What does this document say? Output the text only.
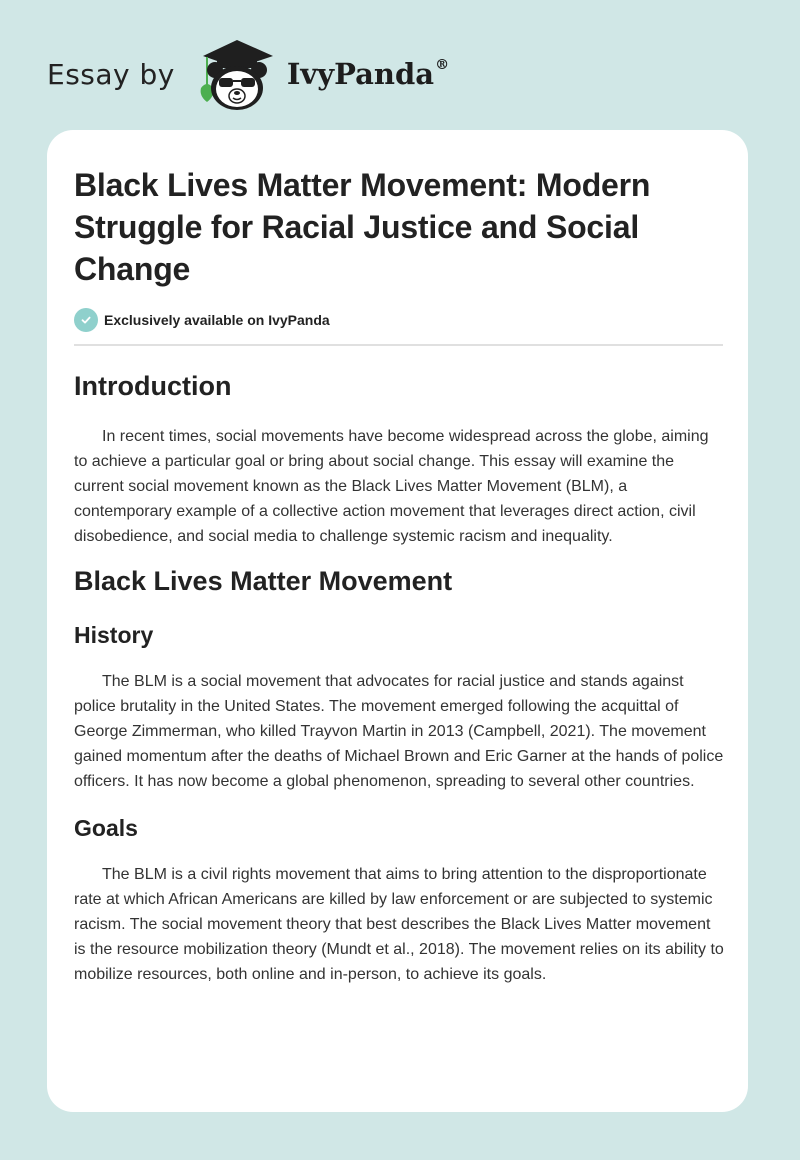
Essay by	IvyPanda®
Black Lives Matter Movement: Modern Struggle for Racial Justice and Social Change
Exclusively available on IvyPanda
Introduction

In recent times, social movements have become widespread across the globe, aiming to achieve a particular goal or bring about social change. This essay will examine the current social movement known as the Black Lives Matter Movement (BLM), a contemporary example of a collective action movement that leverages direct action, civil disobedience, and social media to challenge systemic racism and inequality.

Black Lives Matter Movement
History

The BLM is a social movement that advocates for racial justice and stands against police brutality in the United States. The movement emerged following the acquittal of George Zimmerman, who killed Trayvon Martin in 2013 (Campbell, 2021). The movement gained momentum after the deaths of Michael Brown and Eric Garner at the hands of police officers. It has now become a global phenomenon, spreading to several other countries.

Goals

The BLM is a civil rights movement that aims to bring attention to the disproportionate rate at which African Americans are killed by law enforcement or are subjected to systemic racism. The social movement theory that best describes the Black Lives Matter movement is the resource mobilization theory (Mundt et al., 2018). The movement relies on its ability to mobilize resources, both online and in-person, to achieve its goals.
